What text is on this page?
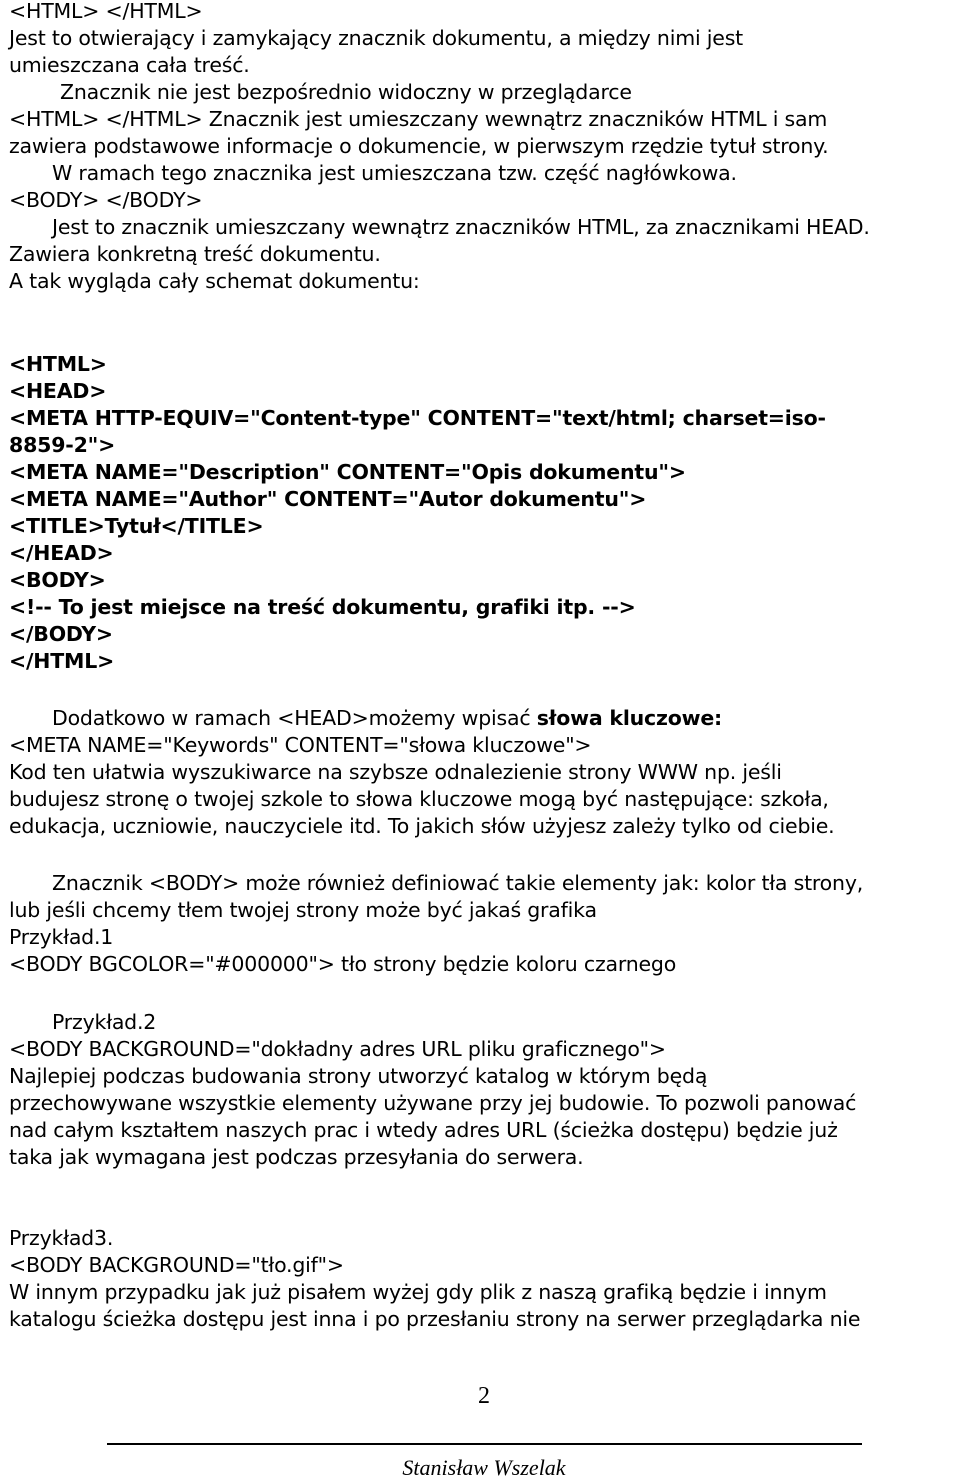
<HTML> </HTML>
Jest to otwierający i zamykający znacznik dokumentu, a między nimi jest
umieszczana cała treść.
Znacznik nie jest bezpośrednio widoczny w przeglądarce
<HTML> </HTML> Znacznik jest umieszczany wewnątrz znaczników HTML i sam
zawiera podstawowe informacje o dokumencie, w pierwszym rzędzie tytuł strony.
W ramach tego znacznika jest umieszczana tzw. część nagłówkowa.
<BODY> </BODY>
Jest to znacznik umieszczany wewnątrz znaczników HTML, za znacznikami HEAD.
Zawiera konkretną treść dokumentu.
A tak wygląda cały schemat dokumentu:
<HTML>
<HEAD>
<META HTTP-EQUIV="Content-type" CONTENT="text/html; charset=iso-
8859-2">
<META NAME="Description" CONTENT="Opis dokumentu">
<META NAME="Author" CONTENT="Autor dokumentu">
<TITLE>Tytuł</TITLE>
</HEAD>
<BODY>
<!-- To jest miejsce na treść dokumentu, grafiki itp. -->
</BODY>
</HTML>
Dodatkowo w ramach <HEAD>możemy wpisać słowa kluczowe:
<META NAME="Keywords" CONTENT="słowa kluczowe">
Kod ten ułatwia wyszukiwarce na szybsze odnalezienie strony WWW np. jeśli
budujesz stronę o twojej szkole to słowa kluczowe mogą być następujące: szkoła,
edukacja, uczniowie, nauczyciele itd. To jakich słów użyjesz zależy tylko od ciebie.
Znacznik <BODY> może również definiować takie elementy jak: kolor tła strony,
lub jeśli chcemy tłem twojej strony może być jakaś grafika
Przykład.1
<BODY BGCOLOR="#000000"> tło strony będzie koloru czarnego
Przykład.2
<BODY BACKGROUND="dokładny adres URL pliku graficznego">
Najlepiej podczas budowania strony utworzyć katalog w którym będą
przechowywane wszystkie elementy używane przy jej budowie. To pozwoli panować
nad całym kształtem naszych prac i wtedy adres URL (ścieżka dostępu) będzie już
taka jak wymagana jest podczas przesyłania do serwera.
Przykład3.
<BODY BACKGROUND="tło.gif">
W innym przypadku jak już pisałem wyżej gdy plik z naszą grafiką będzie i innym
katalogu ścieżka dostępu jest inna i po przesłaniu strony na serwer przeglądarka nie
2
Stanisław Wszelak
